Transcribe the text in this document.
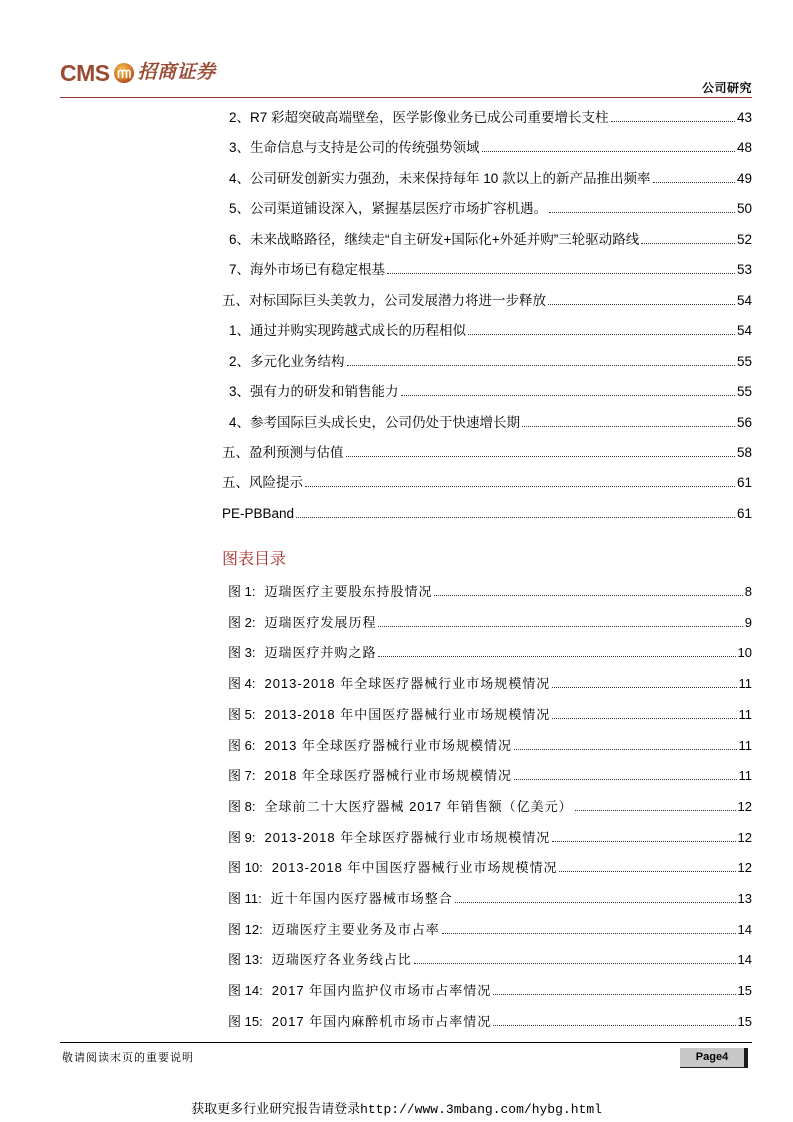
CMS 招商证券
公司研究
2、R7 彩超突破高端壁垒，医学影像业务已成公司重要增长支柱	43
3、生命信息与支持是公司的传统强势领域	48
4、公司研发创新实力强劲，未来保持每年 10 款以上的新产品推出频率	49
5、公司渠道铺设深入，紧握基层医疗市场扩容机遇。	50
6、未来战略路径，继续走“自主研发+国际化+外延并购”三轮驱动路线	52
7、海外市场已有稳定根基	53
五、对标国际巨头美敦力，公司发展潜力将进一步释放	54
1、通过并购实现跨越式成长的历程相似	54
2、多元化业务结构	55
3、强有力的研发和销售能力	55
4、参考国际巨头成长史，公司仍处于快速增长期	56
五、盈利预测与估值	58
五、风险提示	61
PE-PBBand	61
图表目录
图 1: 迈瑞医疗主要股东持股情况	8
图 2: 迈瑞医疗发展历程	9
图 3: 迈瑞医疗并购之路	10
图 4: 2013-2018 年全球医疗器械行业市场规模情况	11
图 5: 2013-2018 年中国医疗器械行业市场规模情况	11
图 6: 2013 年全球医疗器械行业市场规模情况	11
图 7: 2018 年全球医疗器械行业市场规模情况	11
图 8: 全球前二十大医疗器械 2017 年销售额（亿美元）	12
图 9: 2013-2018 年全球医疗器械行业市场规模情况	12
图 10: 2013-2018 年中国医疗器械行业市场规模情况	12
图 11: 近十年国内医疗器械市场整合	13
图 12: 迈瑞医疗主要业务及市占率	14
图 13: 迈瑞医疗各业务线占比	14
图 14: 2017 年国内监护仪市场市占率情况	15
图 15: 2017 年国内麻醉机市场市占率情况	15
敬请阅读末页的重要说明	Page4
获取更多行业研究报告请登录http://www.3mbang.com/hybg.html
